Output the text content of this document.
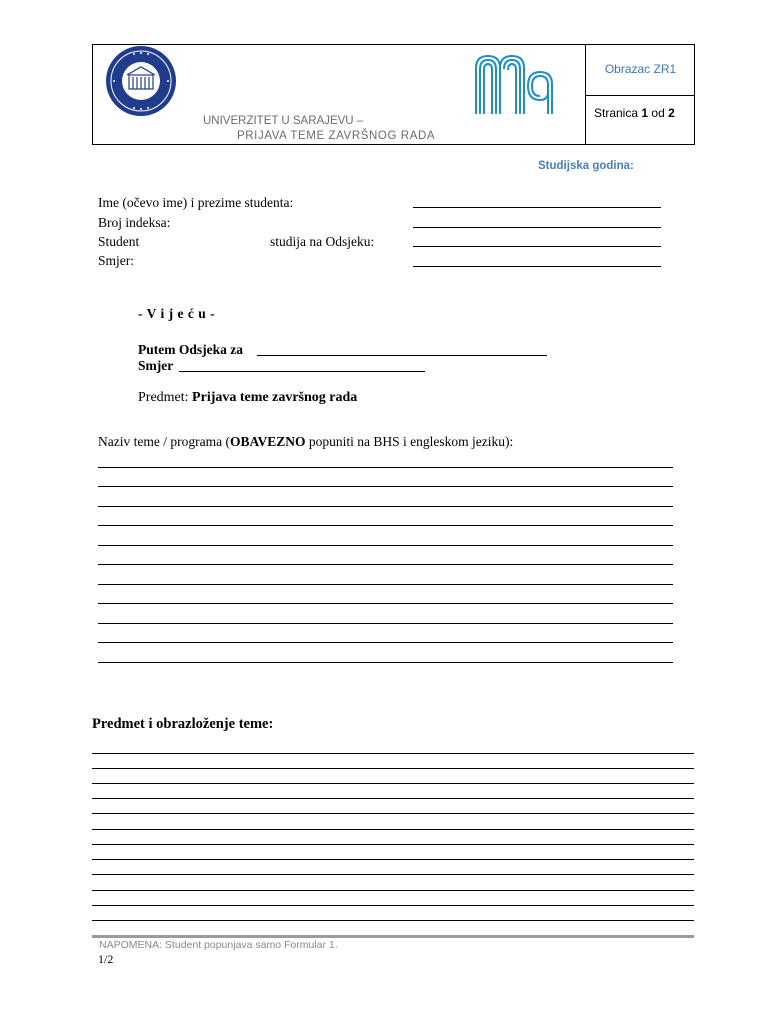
UNIVERZITET U SARAJEVU –
PRIJAVA TEME ZAVRŠNOG RADA
Obrazac ZR1
Stranica 1 od 2
Studijska godina:
Ime (očevo ime) i prezime studenta:
Broj indeksa:
Student	studija na Odsjeku:
Smjer:
- V i j e ć u -
Putem Odsjeka za
Smjer
Predmet: Prijava teme završnog rada
Naziv teme / programa (OBAVEZNO popuniti na BHS i engleskom jeziku):
Predmet i obrazloženje teme:
NAPOMENA: Student popunjava samo Formular 1.
1/2
